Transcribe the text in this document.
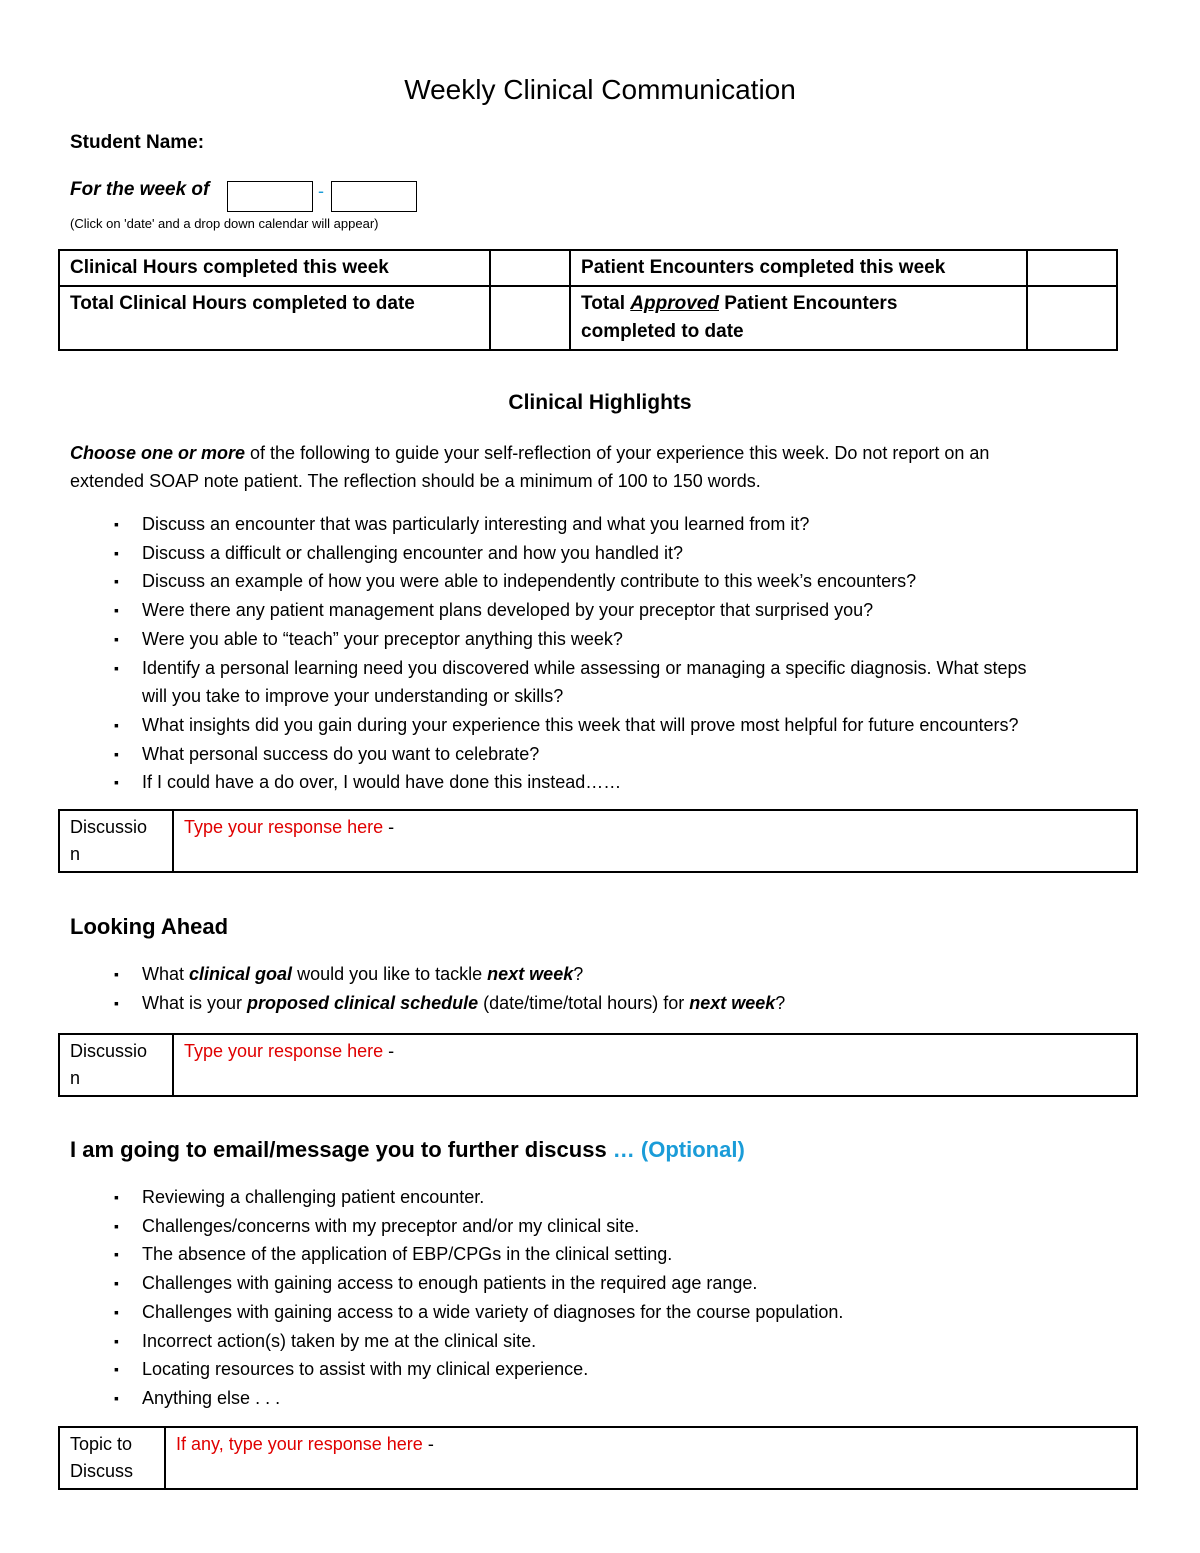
Weekly Clinical Communication
Student Name:
For the week of	-
(Click on 'date' and a drop down calendar will appear)
Clinical Hours completed this week		Patient Encounters completed this week	
Total Clinical Hours completed to date		Total Approved Patient Encounters
completed to date	
Clinical Highlights
Choose one or more of the following to guide your self-reflection of your experience this week. Do not report on an
extended SOAP note patient. The reflection should be a minimum of 100 to 150 words.
▪ Discuss an encounter that was particularly interesting and what you learned from it?
▪ Discuss a difficult or challenging encounter and how you handled it?
▪ Discuss an example of how you were able to independently contribute to this week’s encounters?
▪ Were there any patient management plans developed by your preceptor that surprised you?
▪ Were you able to “teach” your preceptor anything this week?
▪ Identify a personal learning need you discovered while assessing or managing a specific diagnosis. What steps
will you take to improve your understanding or skills?
▪ What insights did you gain during your experience this week that will prove most helpful for future encounters?
▪ What personal success do you want to celebrate?
▪ If I could have a do over, I would have done this instead……
Discussio
n	Type your response here -
Looking Ahead
▪ What clinical goal would you like to tackle next week?
▪ What is your proposed clinical schedule (date/time/total hours) for next week?
Discussio
n	Type your response here -
I am going to email/message you to further discuss … (Optional)
▪ Reviewing a challenging patient encounter.
▪ Challenges/concerns with my preceptor and/or my clinical site.
▪ The absence of the application of EBP/CPGs in the clinical setting.
▪ Challenges with gaining access to enough patients in the required age range.
▪ Challenges with gaining access to a wide variety of diagnoses for the course population.
▪ Incorrect action(s) taken by me at the clinical site.
▪ Locating resources to assist with my clinical experience.
▪ Anything else . . .
Topic to
Discuss	If any, type your response here -
